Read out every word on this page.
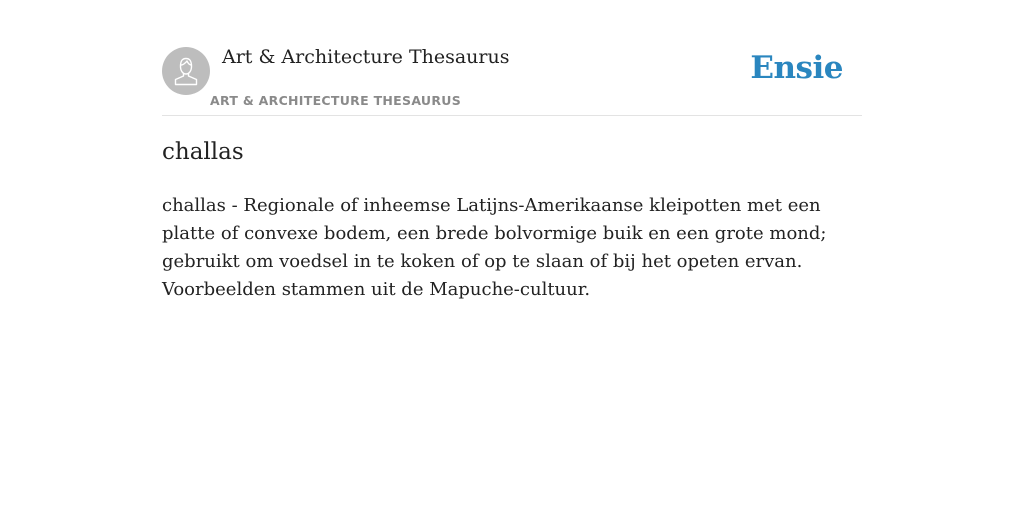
Art & Architecture Thesaurus
ART & ARCHITECTURE THESAURUS
Ensie
challas

challas - Regionale of inheemse Latijns-Amerikaanse kleipotten met een platte of convexe bodem, een brede bolvormige buik en een grote mond; gebruikt om voedsel in te koken of op te slaan of bij het opeten ervan. Voorbeelden stammen uit de Mapuche-cultuur.
